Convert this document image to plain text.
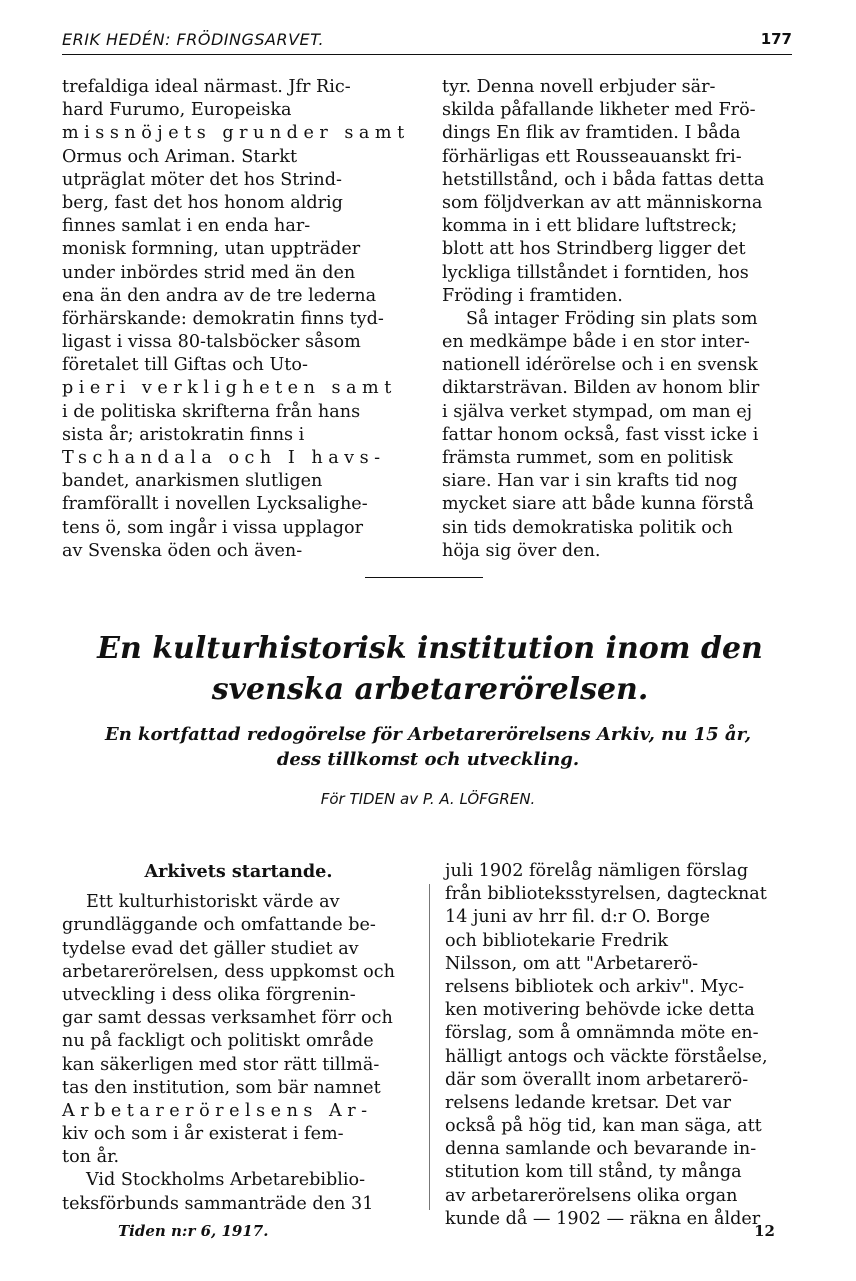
ERIK HEDÉN: FRÖDINGSARVET.	177
trefaldiga ideal närmast. Jfr Ric-
hard Furumo, Europeiska
missnöjets grunder samt
Ormus och Ariman. Starkt
utpräglat möter det hos Strind-
berg, fast det hos honom aldrig
finnes samlat i en enda har-
monisk formning, utan uppträder
under inbördes strid med än den
ena än den andra av de tre lederna
förhärskande: demokratin finns tyd-
ligast i vissa 80-talsböcker såsom
företalet till Giftas och Uto-
pieri verkligheten samt
i de politiska skrifterna från hans
sista år; aristokratin finns i
Tschandala och I havs-
bandet, anarkismen slutligen
framförallt i novellen Lycksalighe-
tens ö, som ingår i vissa upplagor
av Svenska öden och även-
tyr. Denna novell erbjuder sär-
skilda påfallande likheter med Frö-
dings En flik av framtiden. I båda
förhärligas ett Rousseauanskt fri-
hetstillstånd, och i båda fattas detta
som följdverkan av att människorna
komma in i ett blidare luftstreck;
blott att hos Strindberg ligger det
lyckliga tillståndet i forntiden, hos
Fröding i framtiden.
Så intager Fröding sin plats som
en medkämpe både i en stor inter-
nationell idérörelse och i en svensk
diktarsträvan. Bilden av honom blir
i själva verket stympad, om man ej
fattar honom också, fast visst icke i
främsta rummet, som en politisk
siare. Han var i sin krafts tid nog
mycket siare att både kunna förstå
sin tids demokratiska politik och
höja sig över den.
En kulturhistorisk institution inom den
svenska arbetarerörelsen.
En kortfattad redogörelse för Arbetarerörelsens Arkiv, nu 15 år,
dess tillkomst och utveckling.
För TIDEN av P. A. LÖFGREN.
Arkivets startande.
Ett kulturhistoriskt värde av
grundläggande och omfattande be-
tydelse evad det gäller studiet av
arbetarerörelsen, dess uppkomst och
utveckling i dess olika förgrenin-
gar samt dessas verksamhet förr och
nu på fackligt och politiskt område
kan säkerligen med stor rätt tillmä-
tas den institution, som bär namnet
Arbetarerörelsens Ar-
kiv och som i år existerat i fem-
ton år.
Vid Stockholms Arbetarebiblio-
teksförbunds sammanträde den 31
juli 1902 förelåg nämligen förslag
från biblioteksstyrelsen, dagtecknat
14 juni av hrr fil. d:r O. Borge
och bibliotekarie Fredrik
Nilsson, om att "Arbetarerö-
relsens bibliotek och arkiv". Myc-
ken motivering behövde icke detta
förslag, som å omnämnda möte en-
hälligt antogs och väckte förståelse,
där som överallt inom arbetarerö-
relsens ledande kretsar. Det var
också på hög tid, kan man säga, att
denna samlande och bevarande in-
stitution kom till stånd, ty många
av arbetarerörelsens olika organ
kunde då — 1902 — räkna en ålder
Tiden n:r 6, 1917.	12
